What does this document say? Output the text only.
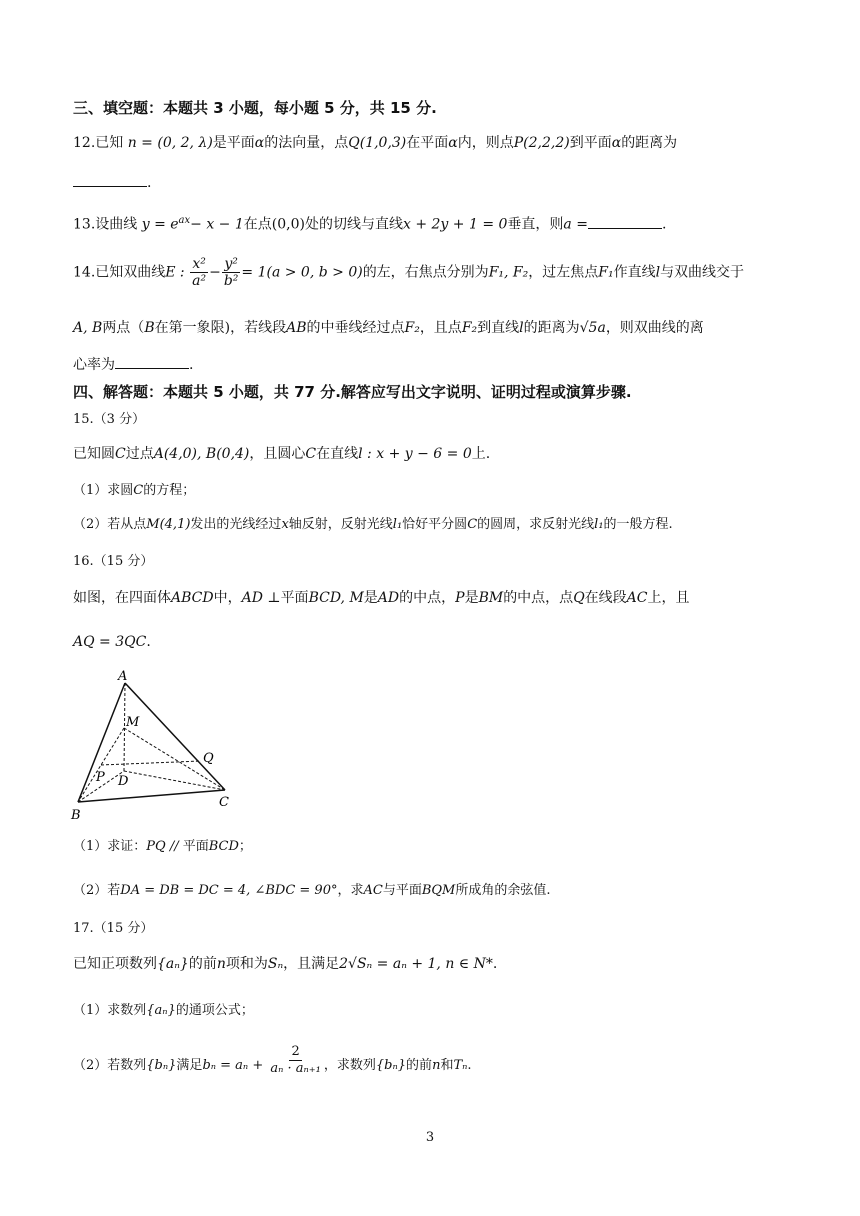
三、填空题：本题共 3 小题，每小题 5 分，共 15 分.
12.已知 n = (0, 2, λ)是平面α的法向量，点Q(1,0,3)在平面α内，则点P(2,2,2)到平面α的距离为
.
13.设曲线 $y = e^{ax}- x - 1$在点(0,0)处的切线与直线x + 2y + 1 = 0垂直，则a =	.
14.已知双曲线E : $\frac{\text{x²}}{\text{a²}} - \frac{\text{y²}}{\text{b²}} = 1(a > 0$, b > 0)的左，右焦点分别为F₁, F₂，过左焦点F₁作直线l与双曲线交于
A, B两点（B在第一象限)，若线段AB的中垂线经过点F₂，且点F₂到直线l的距离为√5a，则双曲线的离
心率为	.
四、解答题：本题共 5 小题，共 77 分.解答应写出文字说明、证明过程或演算步骤.
15.（3 分）
已知圆C过点A(4,0), B(0,4)，且圆心C在直线l : x + y − 6 = 0上.
（1）求圆C的方程；
（2）若从点M(4,1)发出的光线经过x轴反射，反射光线l₁恰好平分圆C的圆周，求反射光线l₁的一般方程.
16.（15 分）
如图，在四面体ABCD中，AD ⊥平面BCD, M是AD的中点，P是BM的中点，点Q在线段AC上，且
AQ = 3QC.
A
M
Q
P D
B
C
（1）求证：PQ // 平面BCD；
（2）若DA = DB = DC = 4, ∠BDC = 90°，求AC与平面BQM所成角的余弦值.
17.（15 分）
已知正项数列{aₙ}的前n项和为Sₙ，且满足2√Sₙ = aₙ + 1, n ∈ N*.
（1）求数列{aₙ}的通项公式；
（2）若数列{bₙ}满足$b_n = a_n + \frac{2}{\text{aₙ · aₙ₊₁}}$ ，求数列{bₙ}的前n和Tₙ.
3
